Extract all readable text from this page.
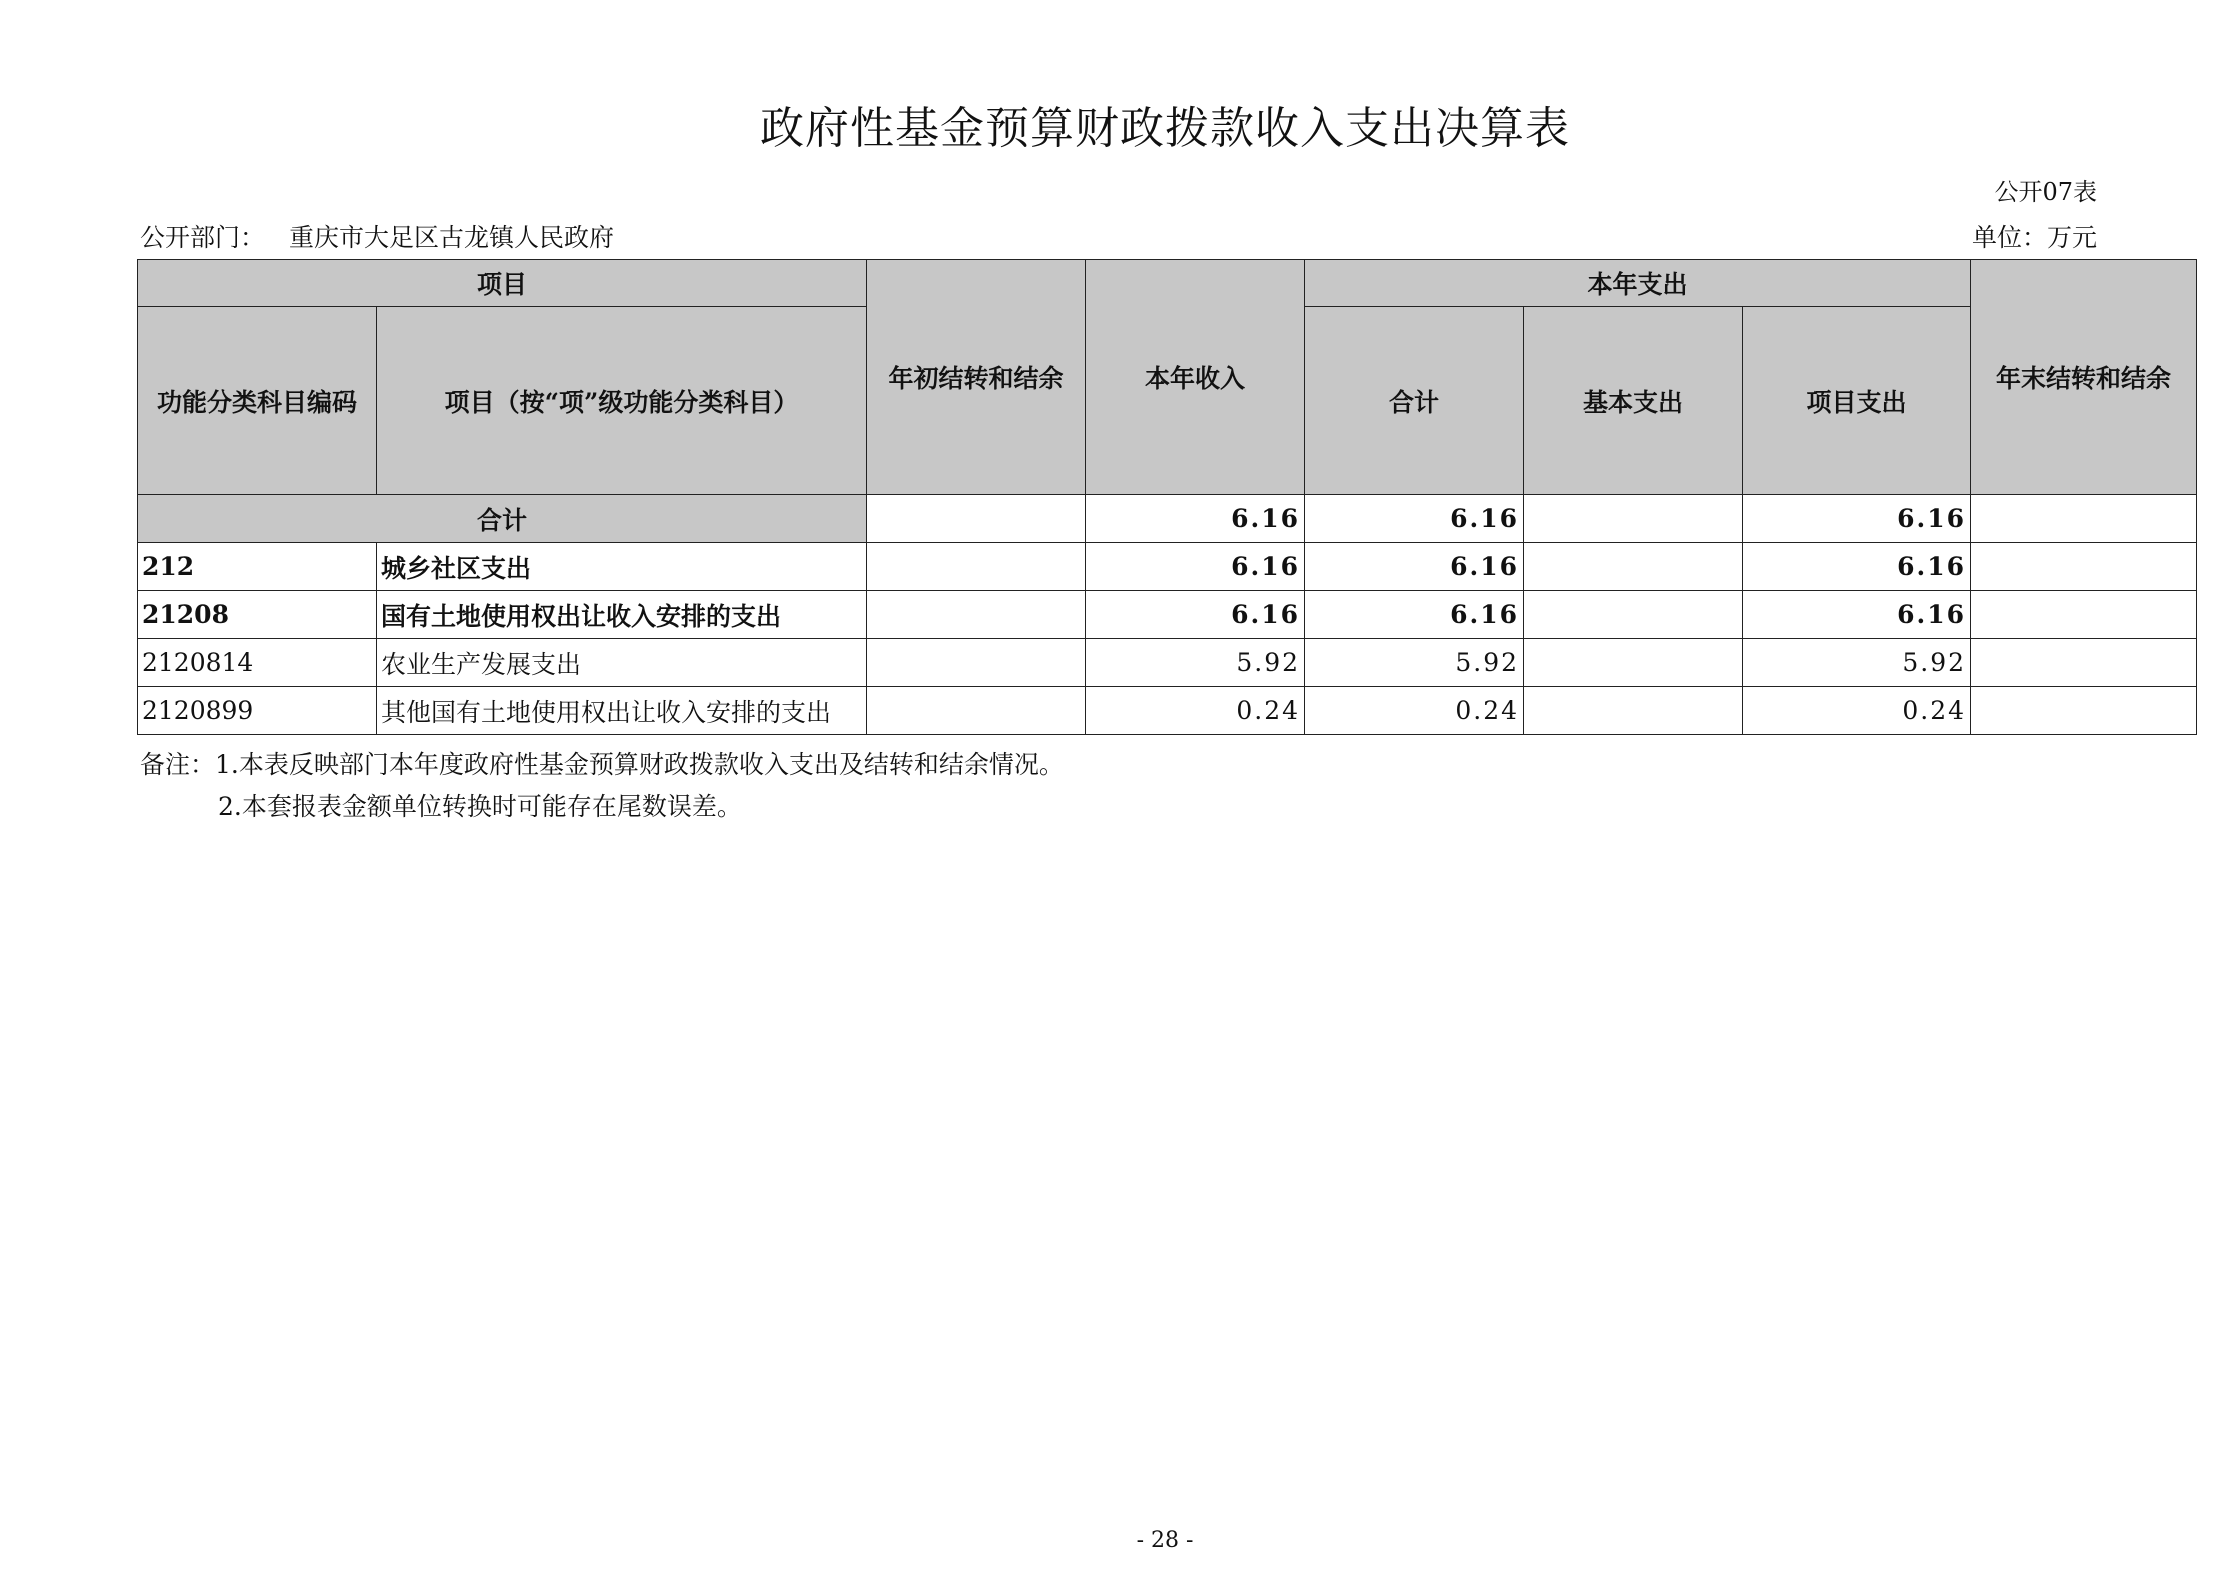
政府性基金预算财政拨款收入支出决算表
公开07表
公开部门： 重庆市大足区古龙镇人民政府	单位：万元
项目		年初结转和结余	本年收入	本年支出			年末结转和结余
功能分类科目编码	项目（按“项”级功能分类科目）			合计	基本支出	项目支出	
合计			6.16	6.16		6.16	
212	城乡社区支出		6.16	6.16		6.16	
21208	国有土地使用权出让收入安排的支出		6.16	6.16		6.16	
2120814	农业生产发展支出		5.92	5.92		5.92	
2120899	其他国有土地使用权出让收入安排的支出		0.24	0.24		0.24	
备注：1.本表反映部门本年度政府性基金预算财政拨款收入支出及结转和结余情况。
2.本套报表金额单位转换时可能存在尾数误差。
- 28 -
